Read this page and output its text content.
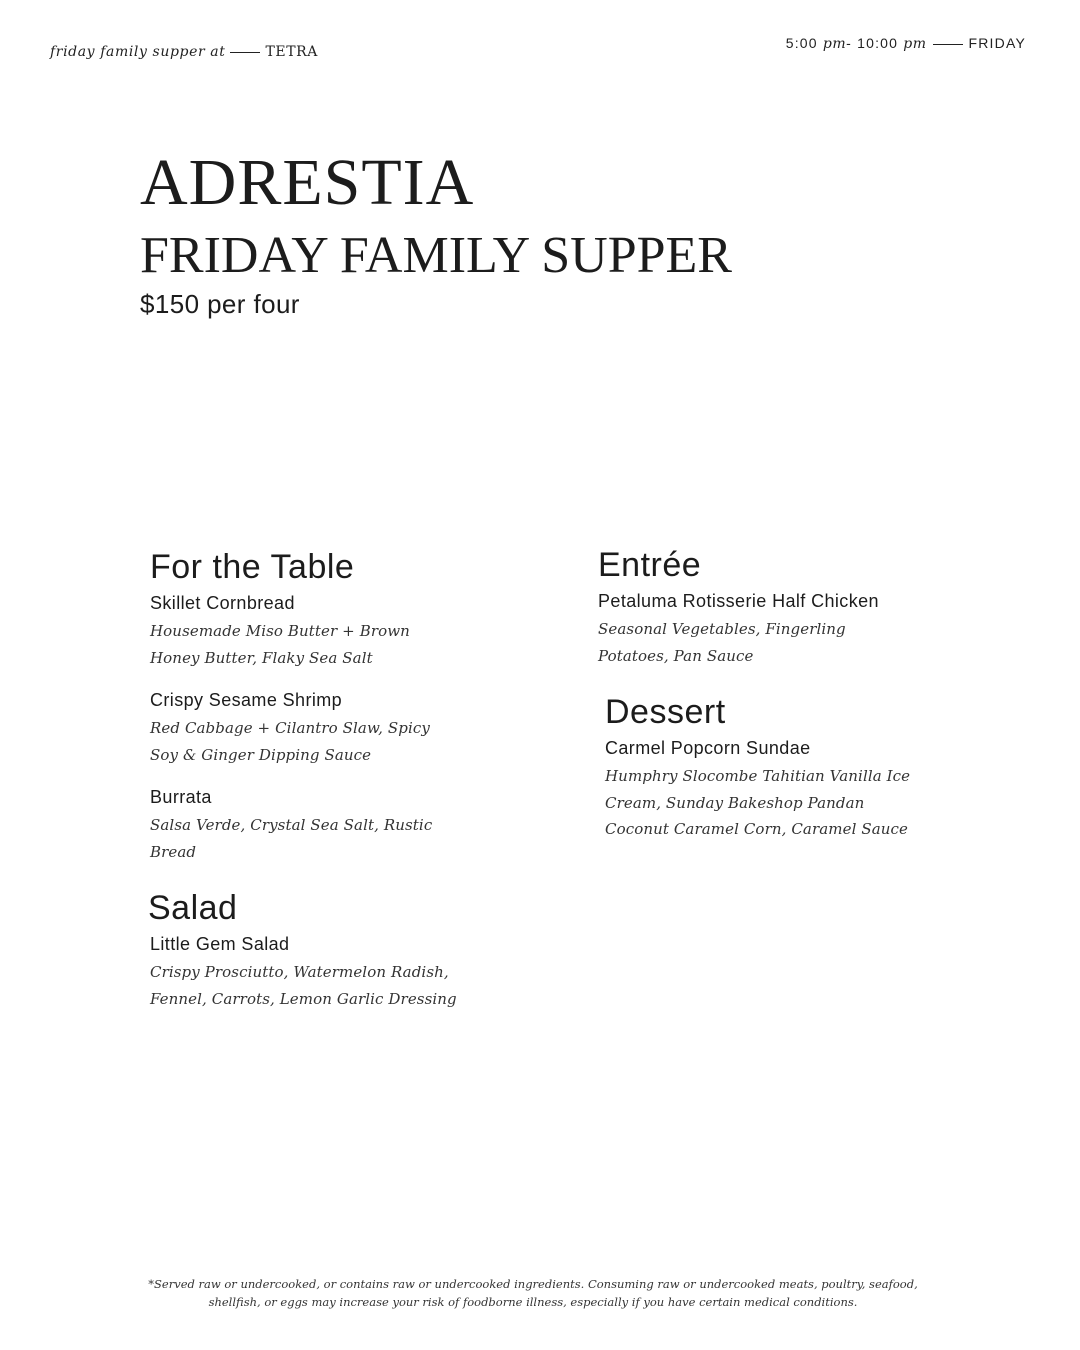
friday family supper at	TETRA
5:00 pm- 10:00 pm	FRIDAY
ADRESTIA
FRIDAY FAMILY SUPPER
$150 per four
For the Table
Skillet Cornbread
Housemade Miso Butter + Brown Honey Butter, Flaky Sea Salt
Crispy Sesame Shrimp
Red Cabbage + Cilantro Slaw, Spicy Soy & Ginger Dipping Sauce
Burrata
Salsa Verde, Crystal Sea Salt, Rustic Bread
Salad
Little Gem Salad
Crispy Prosciutto, Watermelon Radish, Fennel, Carrots, Lemon Garlic Dressing
Entrée
Petaluma Rotisserie Half Chicken
Seasonal Vegetables, Fingerling Potatoes, Pan Sauce
Dessert
Carmel Popcorn Sundae
Humphry Slocombe Tahitian Vanilla Ice Cream, Sunday Bakeshop Pandan Coconut Caramel Corn, Caramel Sauce
*Served raw or undercooked, or contains raw or undercooked ingredients. Consuming raw or undercooked meats, poultry, seafood, shellfish, or eggs may increase your risk of foodborne illness, especially if you have certain medical conditions.
